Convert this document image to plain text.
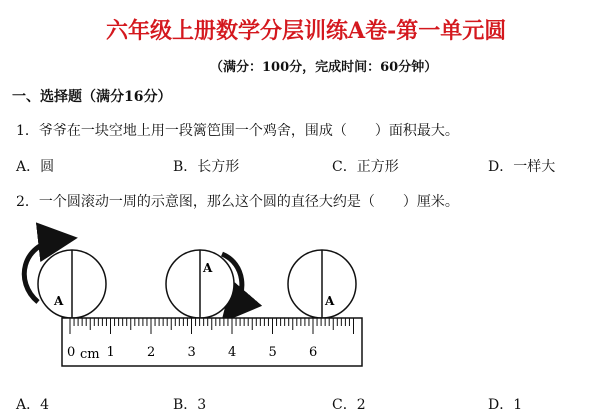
六年级上册数学分层训练A卷-第一单元圆
（满分：100分，完成时间：60分钟）
一、选择题（满分16分）
1．爷爷在一块空地上用一段篱笆围一个鸡舍，围成（　　）面积最大。
A．圆	B．长方形	C．正方形	D．一样大
2．一个圆滚动一周的示意图，那么这个圆的直径大约是（　　）厘米。
A
A
A
0 1 2 3 4 5 6
cm
A．4	B．3	C．2	D．1
